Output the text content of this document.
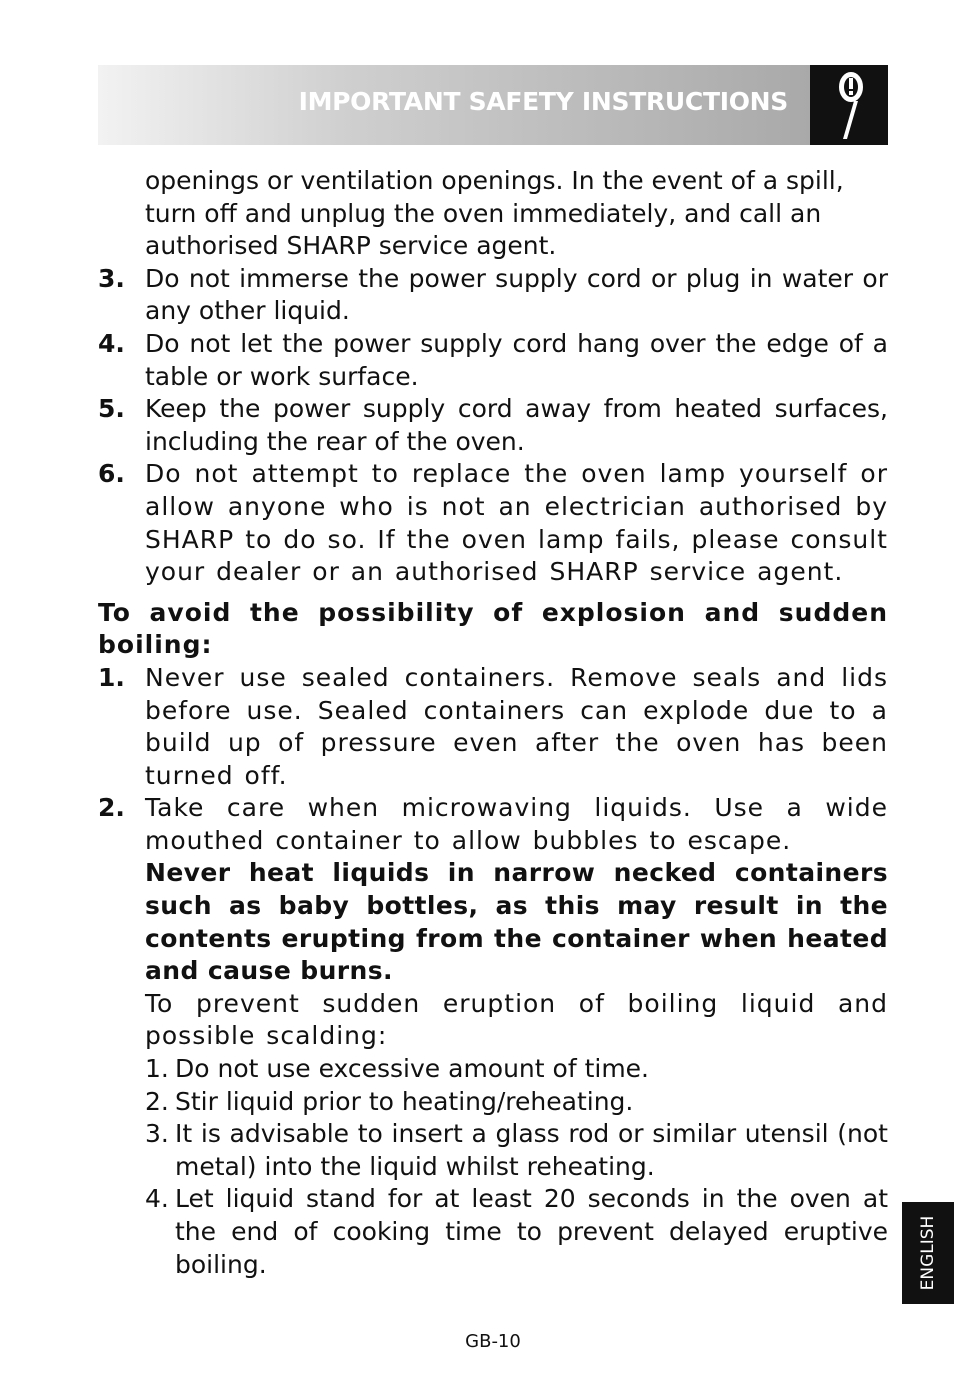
IMPORTANT SAFETY INSTRUCTIONS
openings or ventilation openings. In the event of a spill,
turn off and unplug the oven immediately, and call an
authorised SHARP service agent.
3. Do not immerse the power supply cord or plug in water or any other liquid.
4. Do not let the power supply cord hang over the edge of a table or work surface.
5. Keep the power supply cord away from heated surfaces, including the rear of the oven.
6. Do not attempt to replace the oven lamp yourself or allow anyone who is not an electrician authorised by SHARP to do so. If the oven lamp fails, please consult your dealer or an authorised SHARP service agent.
To avoid the possibility of explosion and sudden boiling:
1. Never use sealed containers. Remove seals and lids before use. Sealed containers can explode due to a build up of pressure even after the oven has been turned off.
2. Take care when microwaving liquids. Use a wide mouthed container to allow bubbles to escape.
Never heat liquids in narrow necked containers such as baby bottles, as this may result in the contents erupting from the container when heated and cause burns.
To prevent sudden eruption of boiling liquid and possible scalding:
1. Do not use excessive amount of time.
2. Stir liquid prior to heating/reheating.
3. It is advisable to insert a glass rod or similar utensil (not metal) into the liquid whilst reheating.
4. Let liquid stand for at least 20 seconds in the oven at the end of cooking time to prevent delayed eruptive boiling.	ENGLISH
GB-10
